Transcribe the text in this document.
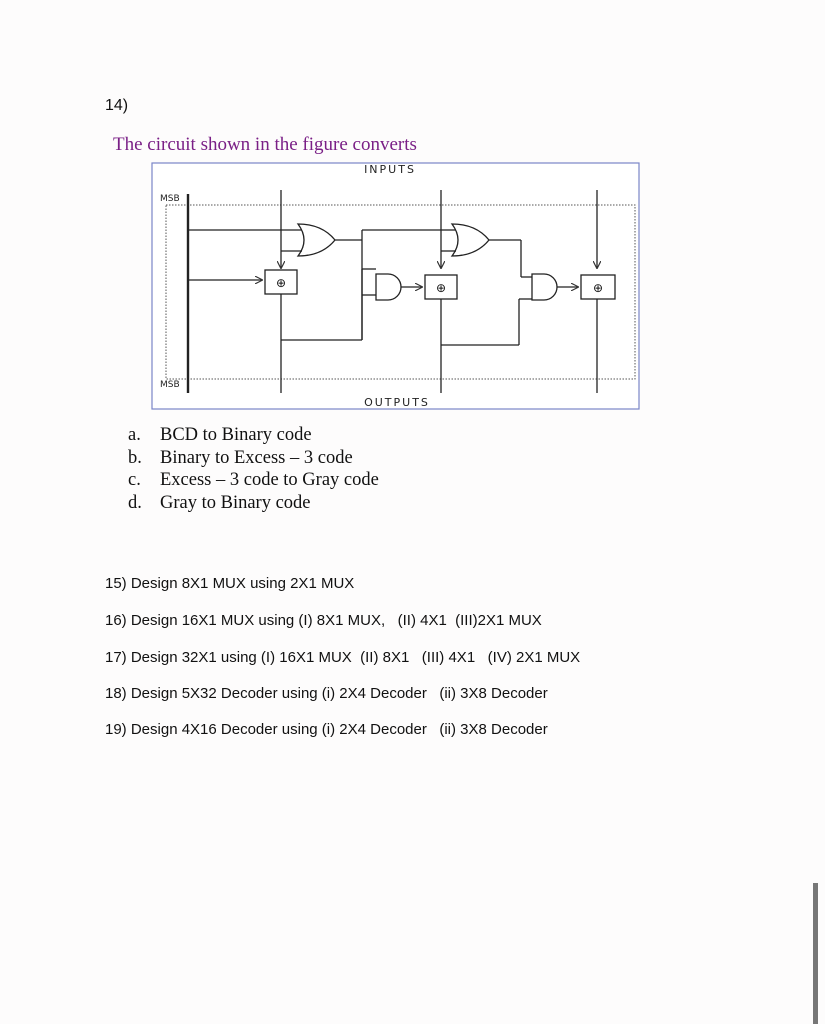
14)
The circuit shown in the figure converts
⊕	⊕	⊕
INPUTS
OUTPUTS
MSB
MSB
a.	BCD to Binary code
b. Binary to Excess – 3 code
c.	Excess – 3 code to Gray code
d. Gray to Binary code
15) Design 8X1 MUX using 2X1 MUX
16) Design 16X1 MUX using (I) 8X1 MUX,   (II) 4X1  (III)2X1 MUX
17) Design 32X1 using (I) 16X1 MUX  (II) 8X1   (III) 4X1   (IV) 2X1 MUX
18) Design 5X32 Decoder using (i) 2X4 Decoder   (ii) 3X8 Decoder
19) Design 4X16 Decoder using (i) 2X4 Decoder   (ii) 3X8 Decoder
